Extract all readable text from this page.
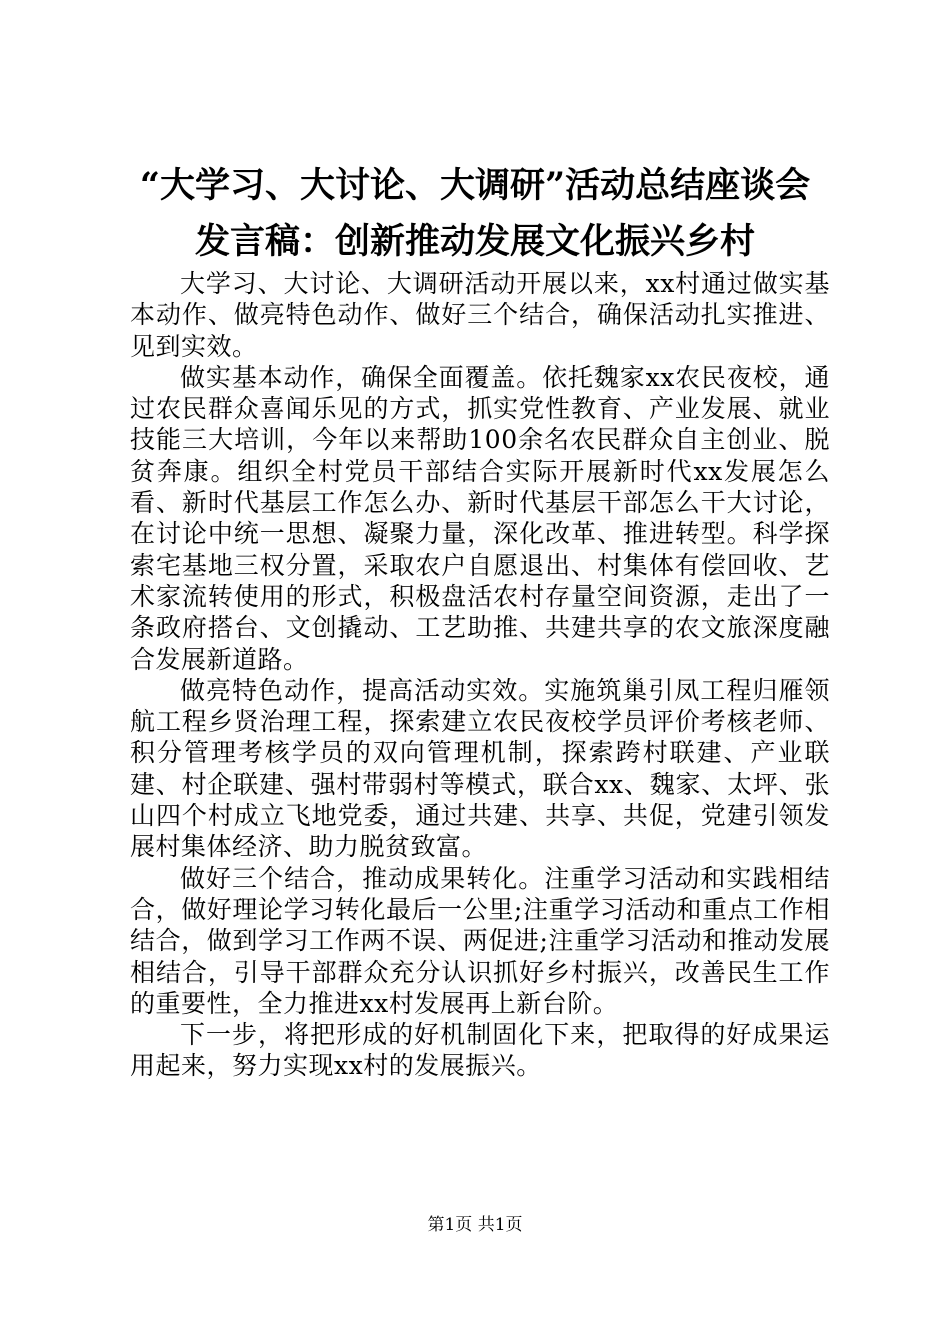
“大学习、大讨论、大调研”活动总结座谈会
发言稿：创新推动发展文化振兴乡村

大学习、大讨论、大调研活动开展以来，xx村通过做实基本动作、做亮特色动作、做好三个结合，确保活动扎实推进、见到实效。

做实基本动作，确保全面覆盖。依托魏家xx农民夜校，通过农民群众喜闻乐见的方式，抓实党性教育、产业发展、就业技能三大培训，今年以来帮助100余名农民群众自主创业、脱贫奔康。组织全村党员干部结合实际开展新时代xx发展怎么看、新时代基层工作怎么办、新时代基层干部怎么干大讨论，在讨论中统一思想、凝聚力量，深化改革、推进转型。科学探索宅基地三权分置，采取农户自愿退出、村集体有偿回收、艺术家流转使用的形式，积极盘活农村存量空间资源，走出了一条政府搭台、文创撬动、工艺助推、共建共享的农文旅深度融合发展新道路。

做亮特色动作，提高活动实效。实施筑巢引凤工程归雁领航工程乡贤治理工程，探索建立农民夜校学员评价考核老师、积分管理考核学员的双向管理机制，探索跨村联建、产业联建、村企联建、强村带弱村等模式，联合xx、魏家、太坪、张山四个村成立飞地党委，通过共建、共享、共促，党建引领发展村集体经济、助力脱贫致富。

做好三个结合，推动成果转化。注重学习活动和实践相结合，做好理论学习转化最后一公里;注重学习活动和重点工作相结合，做到学习工作两不误、两促进;注重学习活动和推动发展相结合，引导干部群众充分认识抓好乡村振兴，改善民生工作的重要性，全力推进xx村发展再上新台阶。

下一步，将把形成的好机制固化下来，把取得的好成果运用起来，努力实现xx村的发展振兴。

第1页 共1页
